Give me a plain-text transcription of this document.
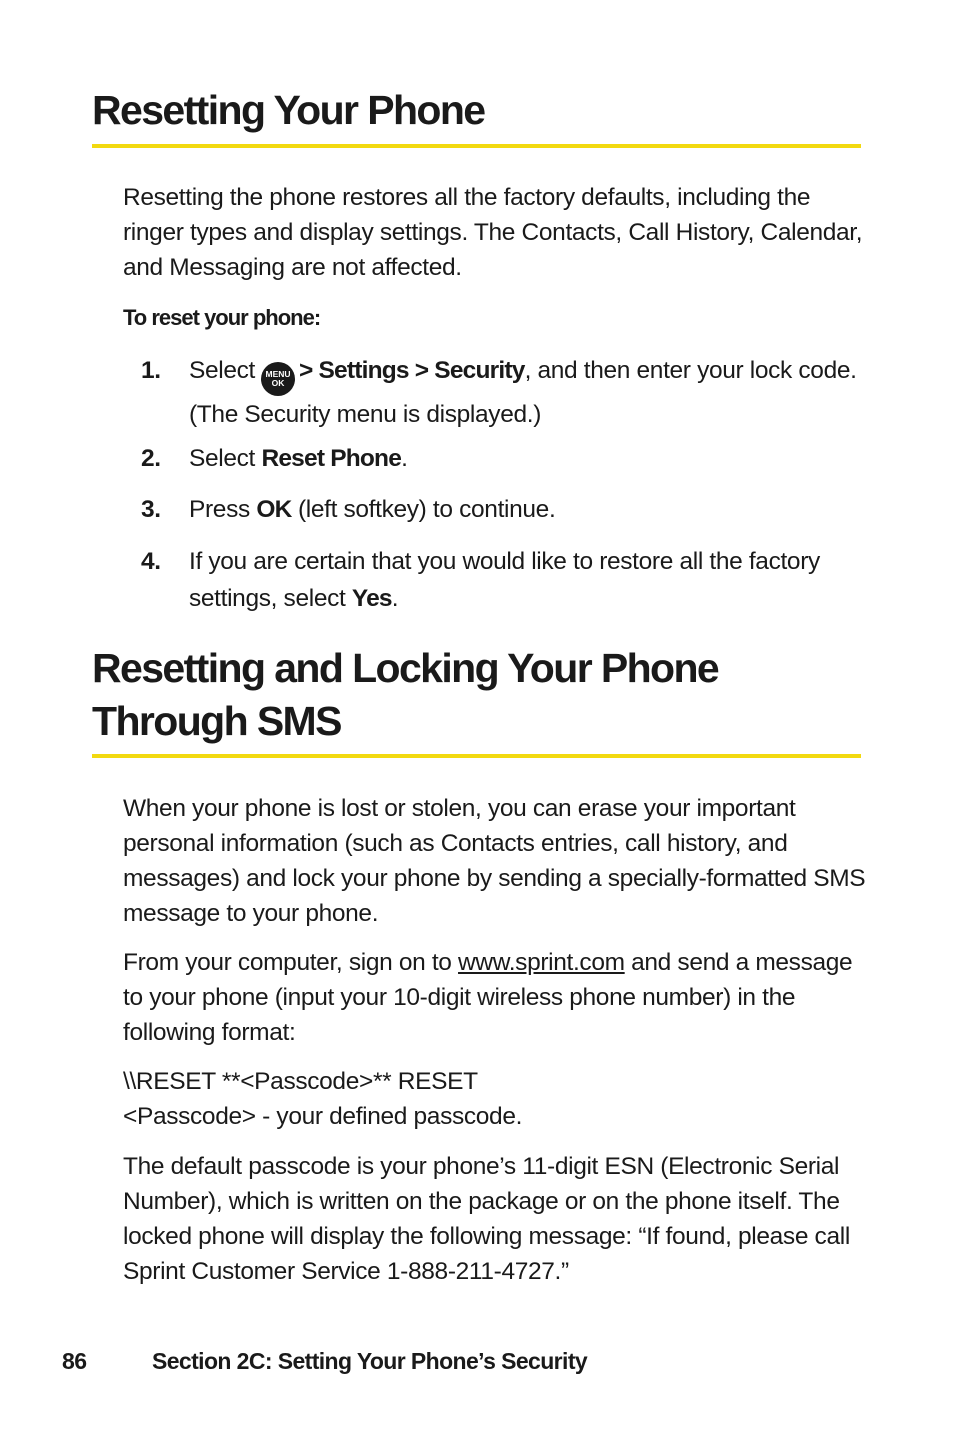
Resetting Your Phone

Resetting the phone restores all the factory defaults, including the ringer types and display settings. The Contacts, Call History, Calendar, and Messaging are not affected.

To reset your phone:

1. Select	MENU
OK > Settings > Security, and then enter your lock code. (The Security menu is displayed.)
2. Select Reset Phone.
3. Press OK (left softkey) to continue.
4. If you are certain that you would like to restore all the factory settings, select Yes.
Resetting and Locking Your Phone
Through SMS

When your phone is lost or stolen, you can erase your important personal information (such as Contacts entries, call history, and messages) and lock your phone by sending a specially-formatted SMS message to your phone.

From your computer, sign on to www.sprint.com and send a message to your phone (input your 10-digit wireless phone number) in the following format:

\\RESET **<Passcode>** RESET
<Passcode> - your defined passcode.

The default passcode is your phone’s 11-digit ESN (Electronic Serial Number), which is written on the package or on the phone itself. The locked phone will display the following message: “If found, please call Sprint Customer Service 1-888-211-4727.”

86	Section 2C: Setting Your Phone’s Security
